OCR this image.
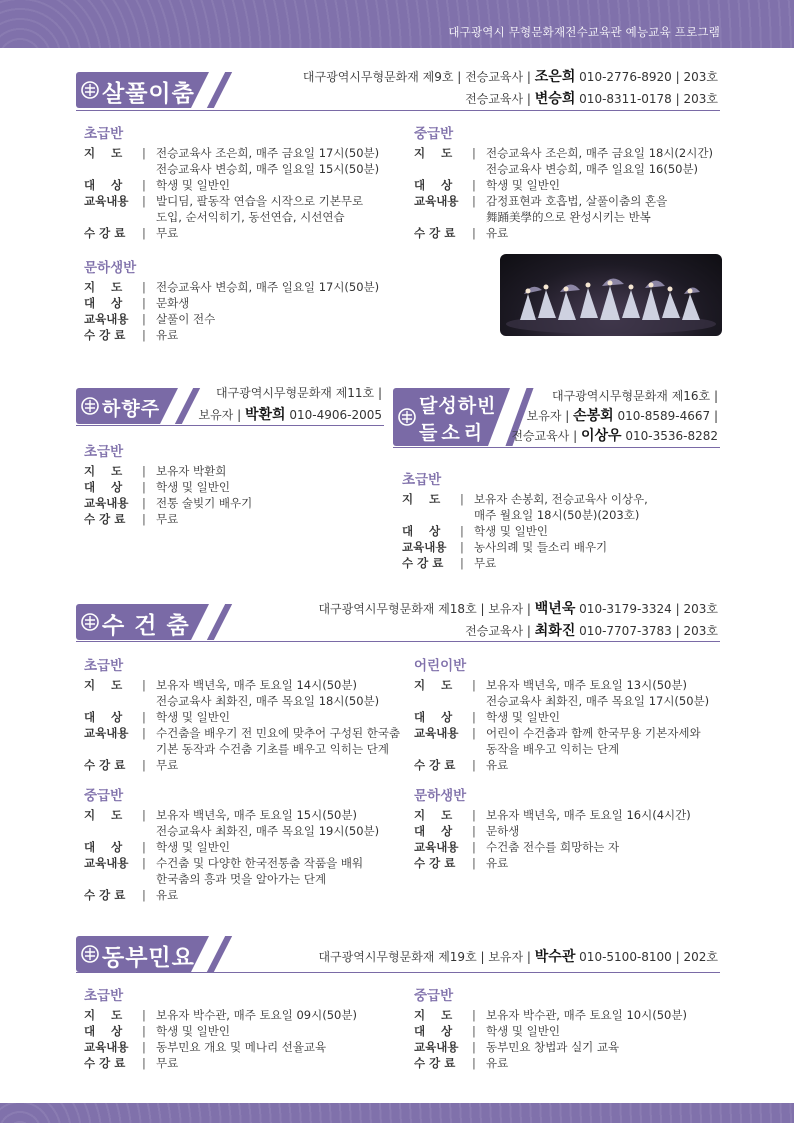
대구광역시 무형문화재전수교육관 예능교육 프로그램
살풀이춤
대구광역시무형문화재 제9호 | 전승교육사 | 조은희 010-2776-8920 | 203호
전승교육사 | 변승희 010-8311-0178 | 203호
초급반
지    도	| 전승교육사 조은희, 매주 금요일 17시(50분)
전승교육사 변승희, 매주 일요일 15시(50분)
대    상	| 학생 및 일반인
교육내용	| 발디딤, 팔동작 연습을 시작으로 기본무로
도입, 순서익히기, 동선연습, 시선연습
수 강 료	| 무료
중급반
지    도	| 전승교육사 조은희, 매주 금요일 18시(2시간)
전승교육사 변승희, 매주 일요일 16(50분)
대    상	| 학생 및 일반인
교육내용	| 감정표현과 호흡법, 살풀이춤의 혼을
舞踊美學的으로 완성시키는 반복
수 강 료	| 유료
문하생반
지    도	| 전승교육사 변승희, 매주 일요일 17시(50분)
대    상	| 문화생
교육내용	| 살풀이 전수
수 강 료	| 유료
하향주
대구광역시무형문화재 제11호 |
보유자 | 박환희 010-4906-2005
초급반
지    도	| 보유자 박환희
대    상	| 학생 및 일반인
교육내용	| 전통 술빚기 배우기
수 강 료	| 무료
달성하빈
들소리
대구광역시무형문화재 제16호 |
보유자 | 손봉회 010-8589-4667 |
전승교육사 | 이상우 010-3536-8282
초급반
지    도	| 보유자 손봉회, 전승교육사 이상우,
매주 월요일 18시(50분)(203호)
대    상	| 학생 및 일반인
교육내용	| 농사의례 및 들소리 배우기
수 강 료	| 무료
수 건 춤
대구광역시무형문화재 제18호 | 보유자 | 백년욱 010-3179-3324 | 203호
전승교육사 | 최화진 010-7707-3783 | 203호
초급반
지    도	| 보유자 백년욱, 매주 토요일 14시(50분)
전승교육사 최화진, 매주 목요일 18시(50분)
대    상	| 학생 및 일반인
교육내용	| 수건춤을 배우기 전 민요에 맞추어 구성된 한국춤
기본 동작과 수건춤 기초를 배우고 익히는 단계
수 강 료	| 무료
어린이반
지    도	| 보유자 백년욱, 매주 토요일 13시(50분)
전승교육사 최화진, 매주 목요일 17시(50분)
대    상	| 학생 및 일반인
교육내용	| 어린이 수건춤과 함께 한국무용 기본자세와
동작을 배우고 익히는 단계
수 강 료	| 유료
중급반
지    도	| 보유자 백년욱, 매주 토요일 15시(50분)
전승교육사 최화진, 매주 목요일 19시(50분)
대    상	| 학생 및 일반인
교육내용	| 수건춤 및 다양한 한국전통춤 작품을 배워
한국춤의 흥과 멋을 알아가는 단계
수 강 료	| 유료
문하생반
지    도	| 보유자 백년욱, 매주 토요일 16시(4시간)
대    상	| 문하생
교육내용	| 수건춤 전수를 희망하는 자
수 강 료	| 유료
동부민요	대구광역시무형문화재 제19호 | 보유자 | 박수관 010-5100-8100 | 202호
초급반
지    도	| 보유자 박수관, 매주 토요일 09시(50분)
대    상	| 학생 및 일반인
교육내용	| 동부민요 개요 및 메나리 선율교육
수 강 료	| 무료
중급반
지    도	| 보유자 박수관, 매주 토요일 10시(50분)
대    상	| 학생 및 일반인
교육내용	| 동부민요 창법과 실기 교육
수 강 료	| 유료
